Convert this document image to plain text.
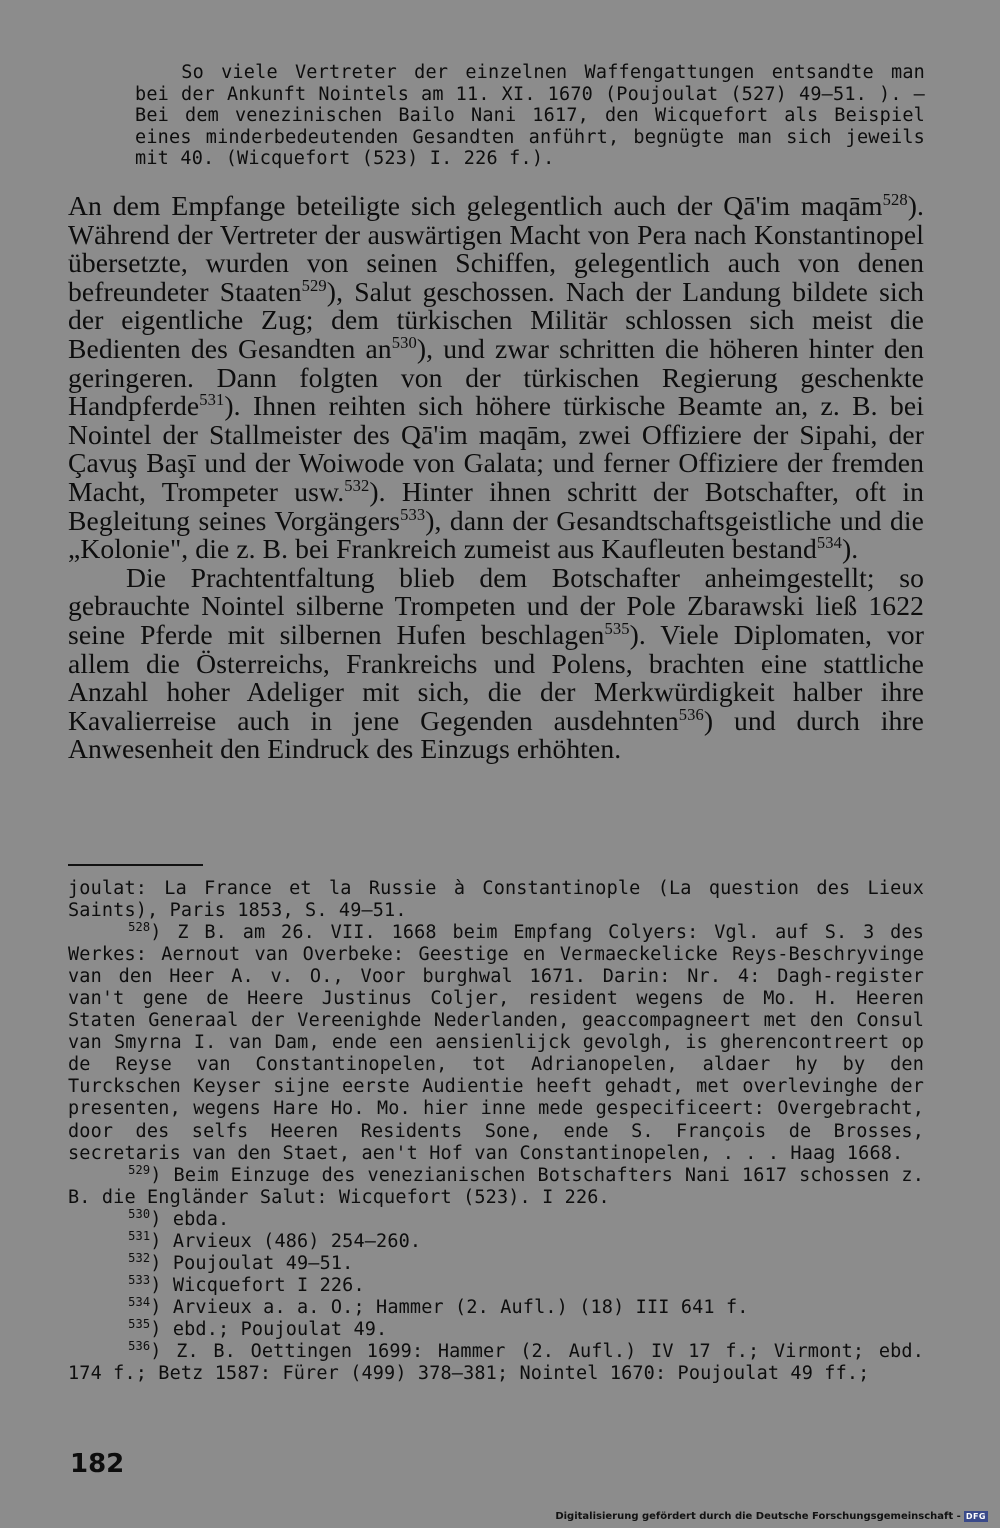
So viele Vertreter der einzelnen Waffengattungen entsandte man bei der Ankunft Nointels am 11. XI. 1670 (Poujoulat (527) 49—51. ). — Bei dem venezinischen Bailo Nani 1617, den Wicquefort als Beispiel eines minderbedeutenden Gesandten anführt, begnügte man sich jeweils mit 40. (Wicquefort (523) I. 226 f.).

An dem Empfange beteiligte sich gelegentlich auch der Qā'im maqām$^{528}$). Während der Vertreter der auswärtigen Macht von Pera nach Konstantinopel übersetzte, wurden von seinen Schiffen, gelegentlich auch von denen befreundeter Staaten$^{529}$), Salut geschossen. Nach der Landung bildete sich der eigentliche Zug; dem türkischen Militär schlossen sich meist die Bedienten des Gesandten $an^{530}$), und zwar schritten die höheren hinter den geringeren. Dann folgten von der türkischen Regierung geschenkte Handpferde$^{531}$). Ihnen reihten sich höhere türkische Beamte an, z. B. bei Nointel der Stallmeister des Qā'im maqām, zwei Offiziere der Sipahi, der Çavuş Başī und der Woiwode von Galata; und ferner Offiziere der fremden Macht, Trompeter usw.$^{532}$). Hinter ihnen schritt der Botschafter, oft in Begleitung seines Vorgängers$^{533}$), dann der Gesandtschaftsgeistliche und die „Kolonie", die z. B. bei Frankreich zumeist aus Kaufleuten bestand$^{534}$).

Die Prachtentfaltung blieb dem Botschafter anheimgestellt; so gebrauchte Nointel silberne Trompeten und der Pole Zbarawski ließ 1622 seine Pferde mit silbernen Hufen beschlagen$^{535}$). Viele Diplomaten, vor allem die Österreichs, Frankreichs und Polens, brachten eine stattliche Anzahl hoher Adeliger mit sich, die der Merkwürdigkeit halber ihre Kavalierreise auch in jene Gegenden ausdehnten$^{536}$) und durch ihre Anwesenheit den Eindruck des Einzugs erhöhten.

joulat: La France et la Russie à Constantinople (La question des Lieux Saints), Paris 1853, S. 49—51.

$^{528}$) Z B. am 26. VII. 1668 beim Empfang Colyers: Vgl. auf S. 3 des Werkes: Aernout van Overbeke: Geestige en Vermaeckelicke Reys-Beschryvinge van den Heer A. v. O., Voor burghwal 1671. Darin: Nr. 4: Dagh-register van't gene de Heere Justinus Coljer, resident wegens de Mo. H. Heeren Staten Generaal der Vereenighde Nederlanden, geaccompagneert met den Consul van Smyrna I. van Dam, ende een aensienlijck gevolgh, is gherencontreert op de Reyse van Constantinopelen, tot Adrianopelen, aldaer hy by den Turckschen Keyser sijne eerste Audientie heeft gehadt, met overlevinghe der presenten, wegens Hare Ho. Mo. hier inne mede gespecificeert: Overgebracht, door des selfs Heeren Residents Sone, ende S. François de Brosses, secretaris van den Staet, aen't Hof van Constantinopelen, . . . Haag 1668.

$^{529}$) Beim Einzuge des venezianischen Botschafters Nani 1617 schossen z. B. die Engländer Salut: Wicquefort (523). I 226.

$^{530}$) ebda.

$^{531}$) Arvieux (486) 254—260.

$^{532}$) Poujoulat 49—51.

$^{533}$) Wicquefort I 226.

$^{534}$) Arvieux a. a. O.; Hammer (2. Aufl.) (18) III 641 f.

$^{535}$) ebd.; Poujoulat 49.

$^{536}$) Z. B. Oettingen 1699: Hammer (2. Aufl.) IV 17 f.; Virmont; ebd. 174 f.; Betz 1587: Fürer (499) 378—381; Nointel 1670: Poujoulat 49 ff.;

182
Digitalisierung gefördert durch die Deutsche Forschungsgemeinschaft - DFG
